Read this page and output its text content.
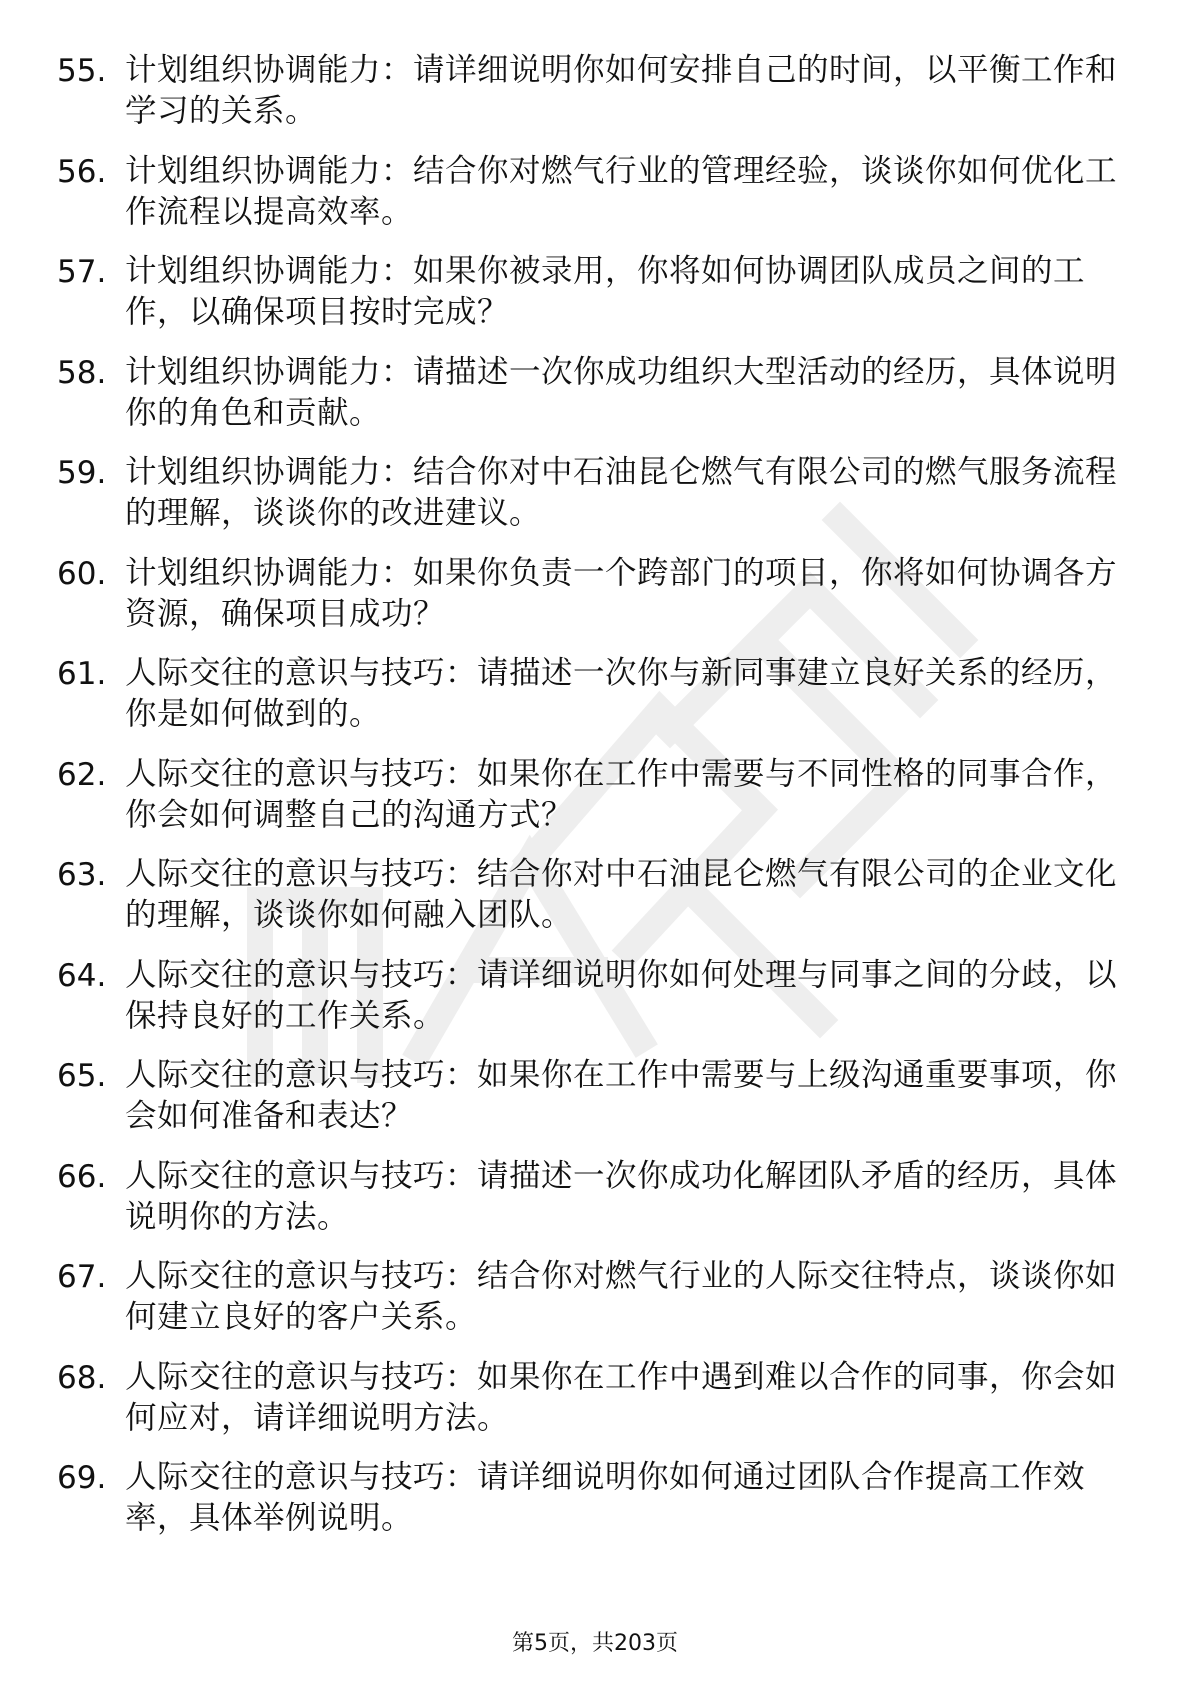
55. 计划组织协调能力：请详细说明你如何安排自己的时间，以平衡工作和学习的关系。
56. 计划组织协调能力：结合你对燃气行业的管理经验，谈谈你如何优化工作流程以提高效率。
57. 计划组织协调能力：如果你被录用，你将如何协调团队成员之间的工作，以确保项目按时完成？
58. 计划组织协调能力：请描述一次你成功组织大型活动的经历，具体说明你的角色和贡献。
59. 计划组织协调能力：结合你对中石油昆仑燃气有限公司的燃气服务流程的理解，谈谈你的改进建议。
60. 计划组织协调能力：如果你负责一个跨部门的项目，你将如何协调各方资源，确保项目成功？
61. 人际交往的意识与技巧：请描述一次你与新同事建立良好关系的经历，你是如何做到的。
62. 人际交往的意识与技巧：如果你在工作中需要与不同性格的同事合作，你会如何调整自己的沟通方式？
63. 人际交往的意识与技巧：结合你对中石油昆仑燃气有限公司的企业文化的理解，谈谈你如何融入团队。
64. 人际交往的意识与技巧：请详细说明你如何处理与同事之间的分歧，以保持良好的工作关系。
65. 人际交往的意识与技巧：如果你在工作中需要与上级沟通重要事项，你会如何准备和表达？
66. 人际交往的意识与技巧：请描述一次你成功化解团队矛盾的经历，具体说明你的方法。
67. 人际交往的意识与技巧：结合你对燃气行业的人际交往特点，谈谈你如何建立良好的客户关系。
68. 人际交往的意识与技巧：如果你在工作中遇到难以合作的同事，你会如何应对，请详细说明方法。
69. 人际交往的意识与技巧：请详细说明你如何通过团队合作提高工作效率，具体举例说明。
第5页，共203页
